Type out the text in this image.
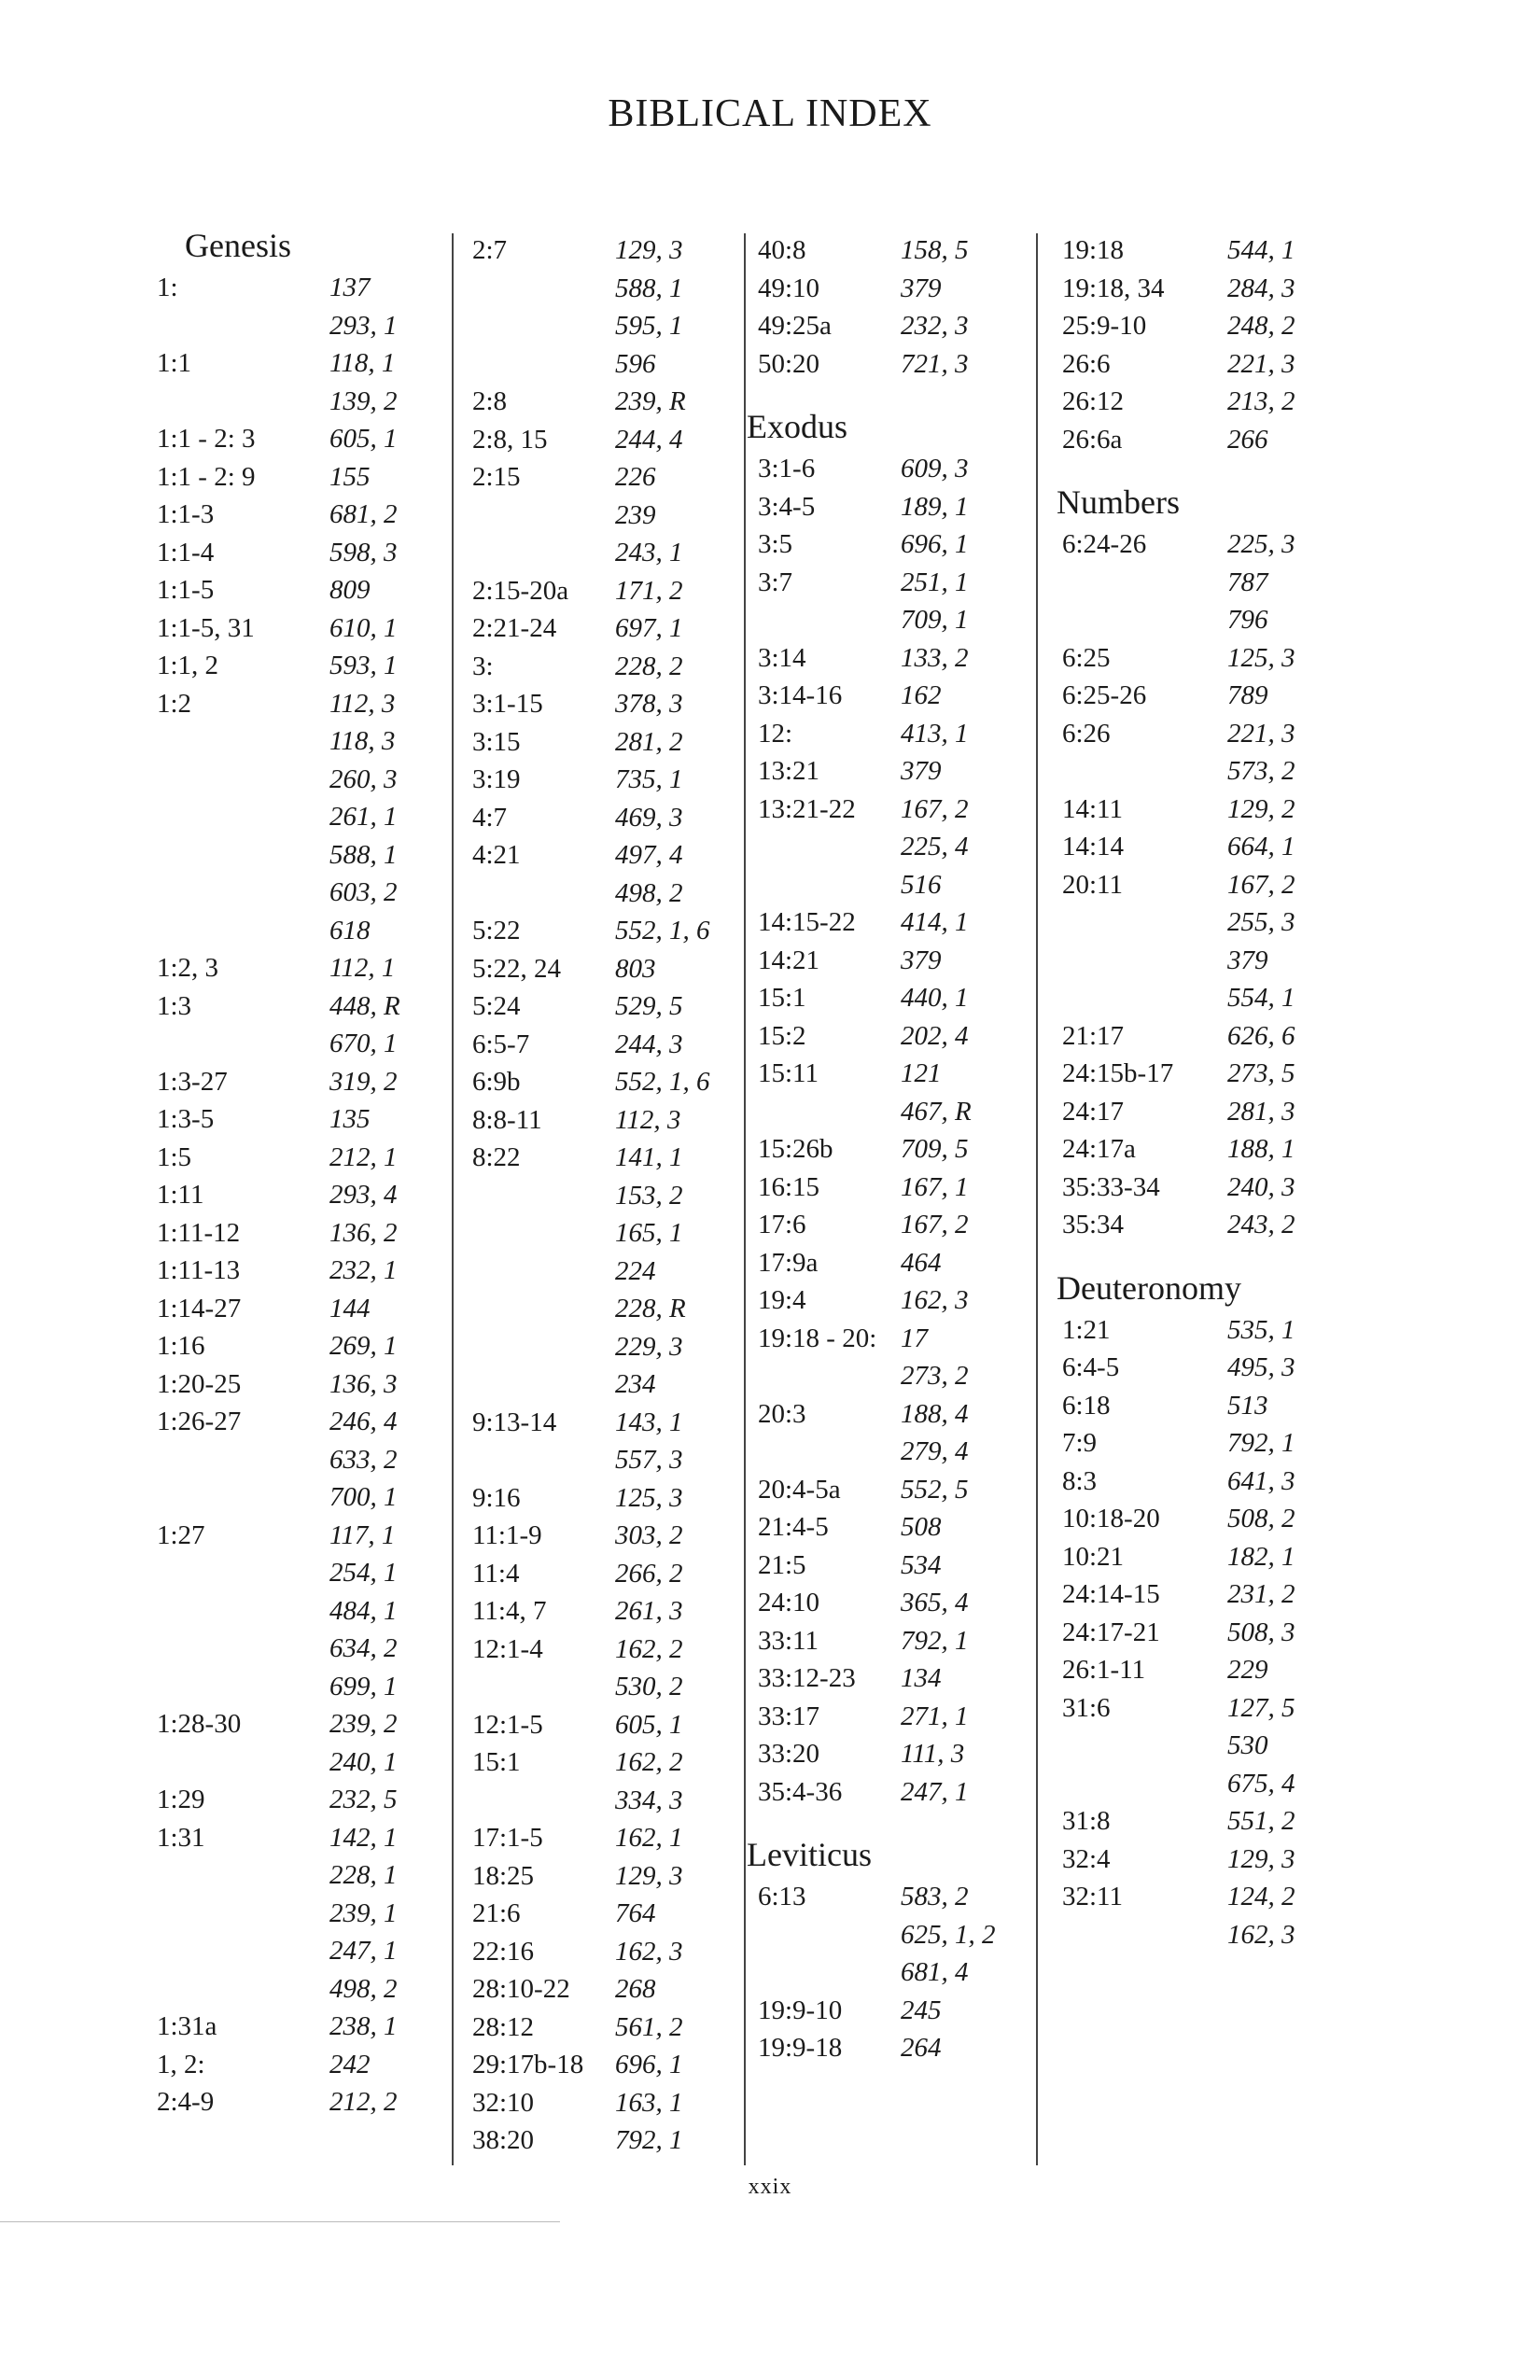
BIBLICAL INDEX
Genesis
1:	137
293, 1
1:1	118, 1
139, 2
1:1 - 2: 3	605, 1
1:1 - 2: 9	155
1:1-3	681, 2
1:1-4	598, 3
1:1-5	809
1:1-5, 31	610, 1
1:1, 2	593, 1
1:2	112, 3
118, 3
260, 3
261, 1
588, 1
603, 2
618
1:2, 3	112, 1
1:3	448, R
670, 1
1:3-27	319, 2
1:3-5	135
1:5	212, 1
1:11	293, 4
1:11-12	136, 2
1:11-13	232, 1
1:14-27	144
1:16	269, 1
1:20-25	136, 3
1:26-27	246, 4
633, 2
700, 1
1:27	117, 1
254, 1
484, 1
634, 2
699, 1
1:28-30	239, 2
240, 1
1:29	232, 5
1:31	142, 1
228, 1
239, 1
247, 1
498, 2
1:31a	238, 1
1, 2:	242
2:4-9	212, 2
2:7	129, 3
588, 1
595, 1
596
2:8	239, R
2:8, 15 244, 4
2:15	226
239
243, 1
2:15-20a 171, 2
2:21-24 697, 1
3:	228, 2
3:1-15	378, 3
3:15	281, 2
3:19	735, 1
4:7	469, 3
4:21	497, 4
498, 2
5:22	552, 1, 6
5:22, 24 803
5:24	529, 5
6:5-7	244, 3
6:9b	552, 1, 6
8:8-11	112, 3
8:22	141, 1
153, 2
165, 1
224
228, R
229, 3
234
9:13-14 143, 1
557, 3
9:16	125, 3
11:1-9	303, 2
11:4	266, 2
11:4, 7	261, 3
12:1-4	162, 2
530, 2
12:1-5	605, 1
15:1	162, 2
334, 3
17:1-5	162, 1
18:25	129, 3
21:6	764
22:16	162, 3
28:10-22 268
28:12	561, 2
29:17b-18 696, 1
32:10	163, 1
38:20	792, 1
40:8	158, 5
49:10	379
49:25a	232, 3
50:20	721, 3
Exodus
3:1-6	609, 3
3:4-5	189, 1
3:5	696, 1
3:7	251, 1
709, 1
3:14	133, 2
3:14-16 162
12:	413, 1
13:21	379
13:21-22 167, 2
225, 4
516
14:15-22 414, 1
14:21	379
15:1	440, 1
15:2	202, 4
15:11	121
467, R
15:26b 709, 5
16:15	167, 1
17:6	167, 2
17:9a	464
19:4	162, 3
19:18 - 20: 17
273, 2
20:3	188, 4
279, 4
20:4-5a 552, 5
21:4-5	508
21:5	534
24:10	365, 4
33:11	792, 1
33:12-23 134
33:17	271, 1
33:20	111, 3
35:4-36 247, 1
Leviticus
6:13	583, 2
625, 1, 2
681, 4
19:9-10 245
19:9-18 264
19:18	544, 1
19:18, 34 284, 3
25:9-10	248, 2
26:6	221, 3
26:12	213, 2
26:6a	266
Numbers
6:24-26	225, 3
787
796
6:25	125, 3
6:25-26	789
6:26	221, 3
573, 2
14:11	129, 2
14:14	664, 1
20:11	167, 2
255, 3
379
554, 1
21:17	626, 6
24:15b-17 273, 5
24:17	281, 3
24:17a	188, 1
35:33-34 240, 3
35:34	243, 2
Deuteronomy
1:21	535, 1
6:4-5	495, 3
6:18	513
7:9	792, 1
8:3	641, 3
10:18-20 508, 2
10:21	182, 1
24:14-15 231, 2
24:17-21 508, 3
26:1-11	229
31:6	127, 5
530
675, 4
31:8	551, 2
32:4	129, 3
32:11	124, 2
162, 3
xxix
